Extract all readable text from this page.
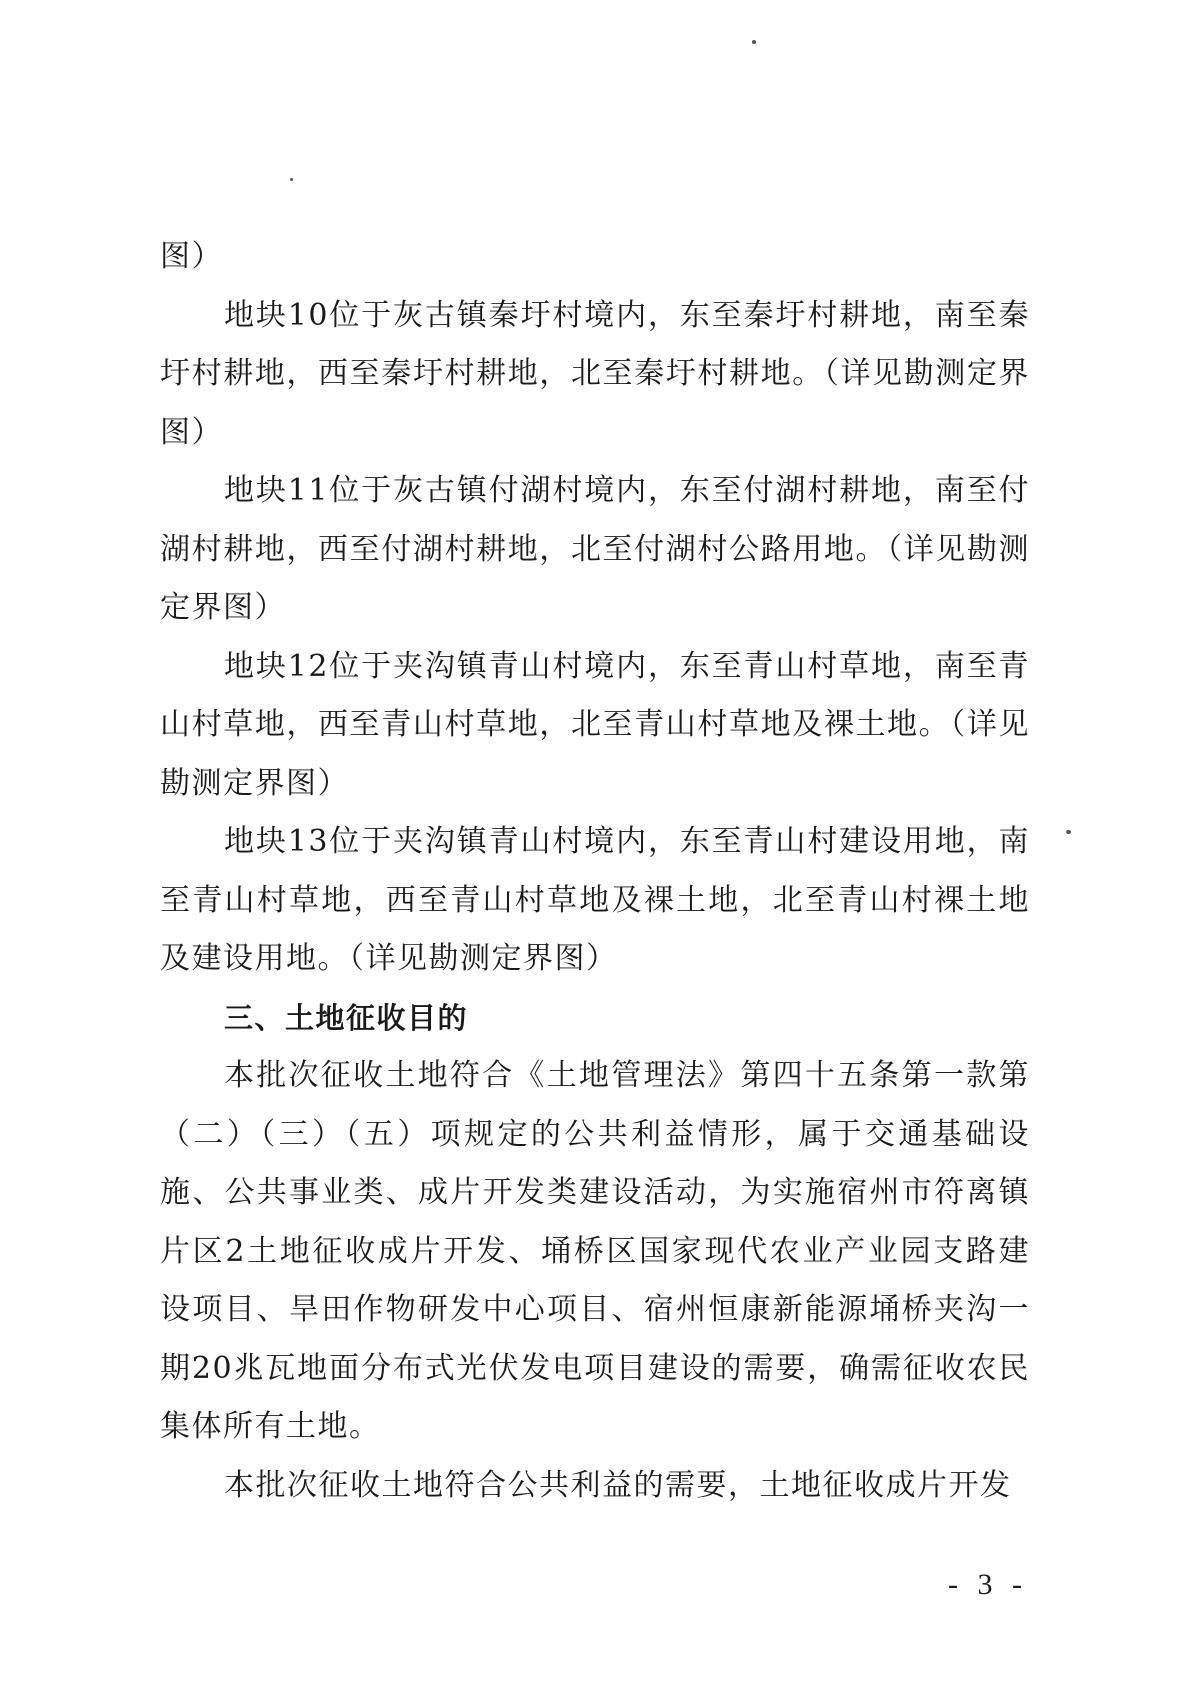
图）

地块10位于灰古镇秦圩村境内，东至秦圩村耕地，南至秦圩村耕地，西至秦圩村耕地，北至秦圩村耕地。（详见勘测定界图）

地块11位于灰古镇付湖村境内，东至付湖村耕地，南至付湖村耕地，西至付湖村耕地，北至付湖村公路用地。（详见勘测定界图）

地块12位于夹沟镇青山村境内，东至青山村草地，南至青山村草地，西至青山村草地，北至青山村草地及裸土地。（详见勘测定界图）

地块13位于夹沟镇青山村境内，东至青山村建设用地，南至青山村草地，西至青山村草地及裸土地，北至青山村裸土地及建设用地。（详见勘测定界图）

三、土地征收目的

本批次征收土地符合《土地管理法》第四十五条第一款第（二）（三）（五）项规定的公共利益情形，属于交通基础设施、公共事业类、成片开发类建设活动，为实施宿州市符离镇片区2土地征收成片开发、埇桥区国家现代农业产业园支路建设项目、旱田作物研发中心项目、宿州恒康新能源埇桥夹沟一期20兆瓦地面分布式光伏发电项目建设的需要，确需征收农民集体所有土地。

本批次征收土地符合公共利益的需要，土地征收成片开发

- 3 -
